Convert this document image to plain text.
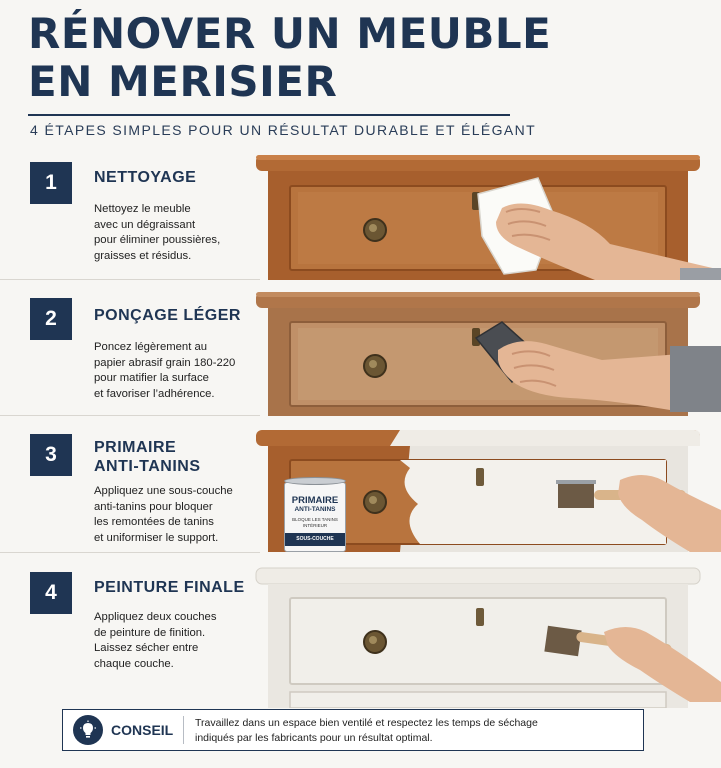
RÉNOVER UN MEUBLE
EN MERISIER
4 ÉTAPES SIMPLES POUR UN RÉSULTAT DURABLE ET ÉLÉGANT
1	NETTOYAGE
Nettoyez le meuble
avec un dégraissant
pour éliminer poussières,
graisses et résidus.
2	PONÇAGE LÉGER
Poncez légèrement au
papier abrasif grain 180-220
pour matifier la surface
et favoriser l’adhérence.
3	PRIMAIRE
ANTI-TANINS
Appliquez une sous-couche
anti-tanins pour bloquer
les remontées de tanins
et uniformiser le support.
PRIMAIRE
ANTI-TANINS
BLOQUE LES TANINS
INTÉRIEUR
SOUS-COUCHE
4	PEINTURE FINALE
Appliquez deux couches
de peinture de finition.
Laissez sécher entre
chaque couche.
CONSEIL Travaillez dans un espace bien ventilé et respectez les temps de séchage
indiqués par les fabricants pour un résultat optimal.
